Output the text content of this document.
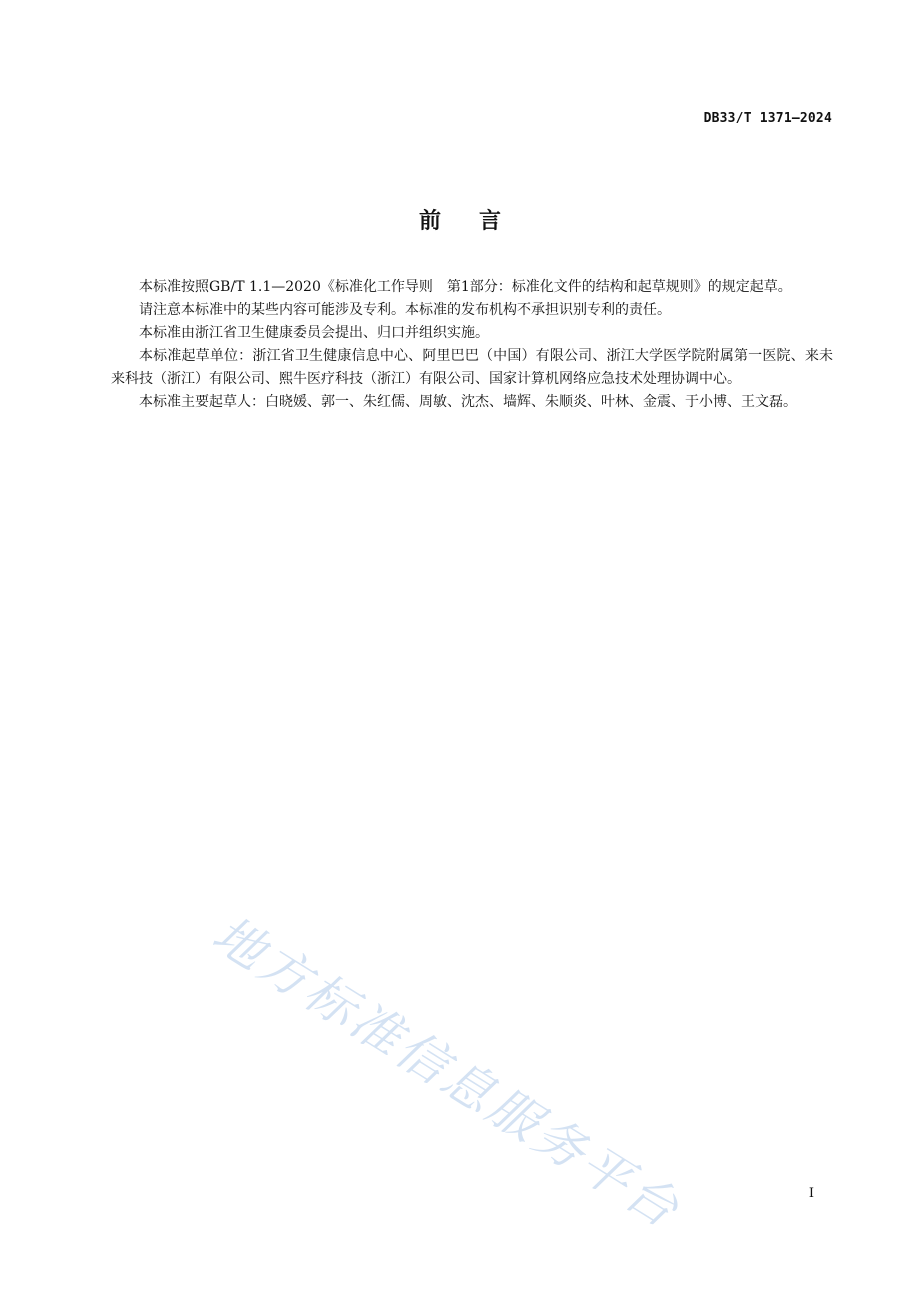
DB33/T 1371—2024
前言

本标准按照GB/T 1.1—2020《标准化工作导则　第1部分：标准化文件的结构和起草规则》的规定起草。

请注意本标准中的某些内容可能涉及专利。本标准的发布机构不承担识别专利的责任。

本标准由浙江省卫生健康委员会提出、归口并组织实施。

本标准起草单位：浙江省卫生健康信息中心、阿里巴巴（中国）有限公司、浙江大学医学院附属第一医院、来未来科技（浙江）有限公司、熙牛医疗科技（浙江）有限公司、国家计算机网络应急技术处理协调中心。

本标准主要起草人：白晓媛、郭一、朱红儒、周敏、沈杰、墙辉、朱顺炎、叶林、金震、于小博、王文磊。

地方标准信息服务平台	I
